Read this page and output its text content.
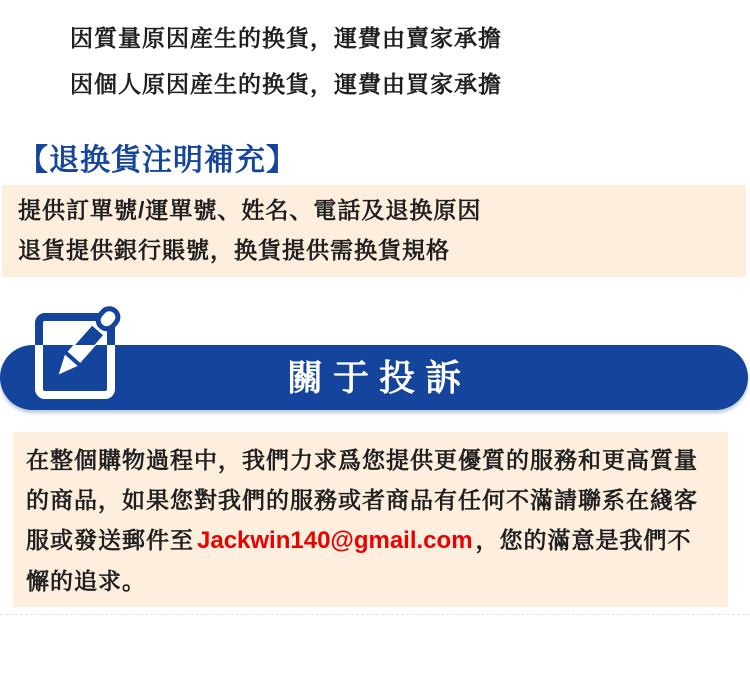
因質量原因産生的换貨，運費由賣家承擔
因個人原因産生的换貨，運費由買家承擔
【退换貨注明補充】
提供訂單號/運單號、姓名、電話及退换原因
退貨提供銀行賬號，换貨提供需换貨規格
關于投訴
在整個購物過程中，我們力求爲您提供更優質的服務和更高質量的商品，如果您對我們的服務或者商品有任何不滿請聯系在綫客服或發送郵件至 Jackwin140@gmail.com ，您的滿意是我們不懈的追求。
